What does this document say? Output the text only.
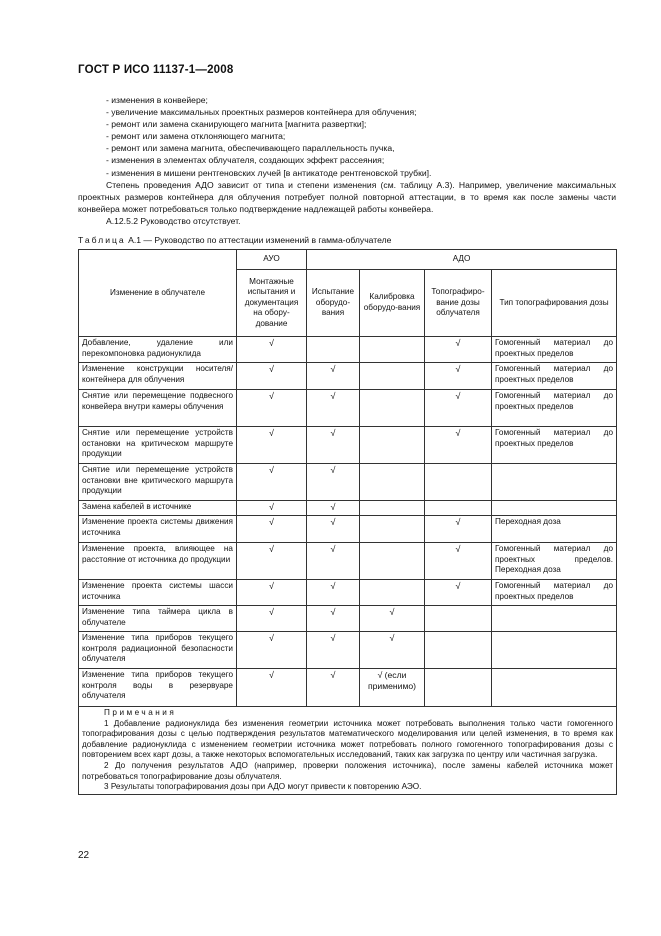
ГОСТ Р ИСО 11137-1—2008
- изменения в конвейере;
- увеличение максимальных проектных размеров контейнера для облучения;
- ремонт или замена сканирующего магнита [магнита развертки];
- ремонт или замена отклоняющего магнита;
- ремонт или замена магнита, обеспечивающего параллельность пучка,
- изменения в элементах облучателя, создающих эффект рассеяния;
- изменения в мишени рентгеновских лучей [в антикатоде рентгеновской трубки].
Степень проведения АДО зависит от типа и степени изменения (см. таблицу А.3). Например, увеличение максимальных проектных размеров контейнера для облучения потребует полной повторной аттестации, в то время как после замены части конвейера может потребоваться только подтверждение надлежащей работы конвейера.
А.12.5.2 Руководство отсутствует.
Таблица А.1 — Руководство по аттестации изменений в гамма-облучателе
Изменение в облучателе	АУО	АДО			
	Монтажные испытания и документация на обору-дование	Испытание оборудо-вания	Калибровка оборудо-вания	Топографиро-вание дозы облучателя	Тип топографирования дозы
Добавление, удаление или перекомпоновка радионуклида	√			√	Гомогенный материал до проектных пределов
Изменение конструкции носителя/контейнера для облучения	√	√		√	Гомогенный материал до проектных пределов
Снятие или перемещение подвесного конвейера внутри камеры облучения	√	√		√	Гомогенный материал до проектных пределов
Снятие или перемещение устройств остановки на критическом маршруте продукции	√	√		√	Гомогенный материал до проектных пределов
Снятие или перемещение устройств остановки вне критического маршрута продукции	√	√			
Замена кабелей в источнике	√	√			
Изменение проекта системы движения источника	√	√		√	Переходная доза
Изменение проекта, влияющее на расстояние от источника до продукции	√	√		√	Гомогенный материал до проектных пределов. Переходная доза
Изменение проекта системы шасси источника	√	√		√	Гомогенный материал до проектных пределов
Изменение типа таймера цикла в облучателе	√	√	√		
Изменение типа приборов текущего контроля радиационной безопасности облучателя	√	√	√		
Изменение типа приборов текущего контроля воды в резервуаре облучателя	√	√	√ (если применимо)		

Примечания
1 Добавление радионуклида без изменения геометрии источника может потребовать выполнения только части гомогенного топографирования дозы с целью подтверждения результатов математического моделирования или целей изменения, в то время как добавление радионуклида с изменением геометрии источника может потребовать полного гомогенного топографирования дозы с повторением всех карт дозы, а также некоторых вспомогательных исследований, таких как загрузка по центру или частичная загрузка.
2 До получения результатов АДО (например, проверки положения источника), после замены кабелей источника может потребоваться топографирование дозы облучателя.
3 Результаты топографирования дозы при АДО могут привести к повторению АЭО.					
22
